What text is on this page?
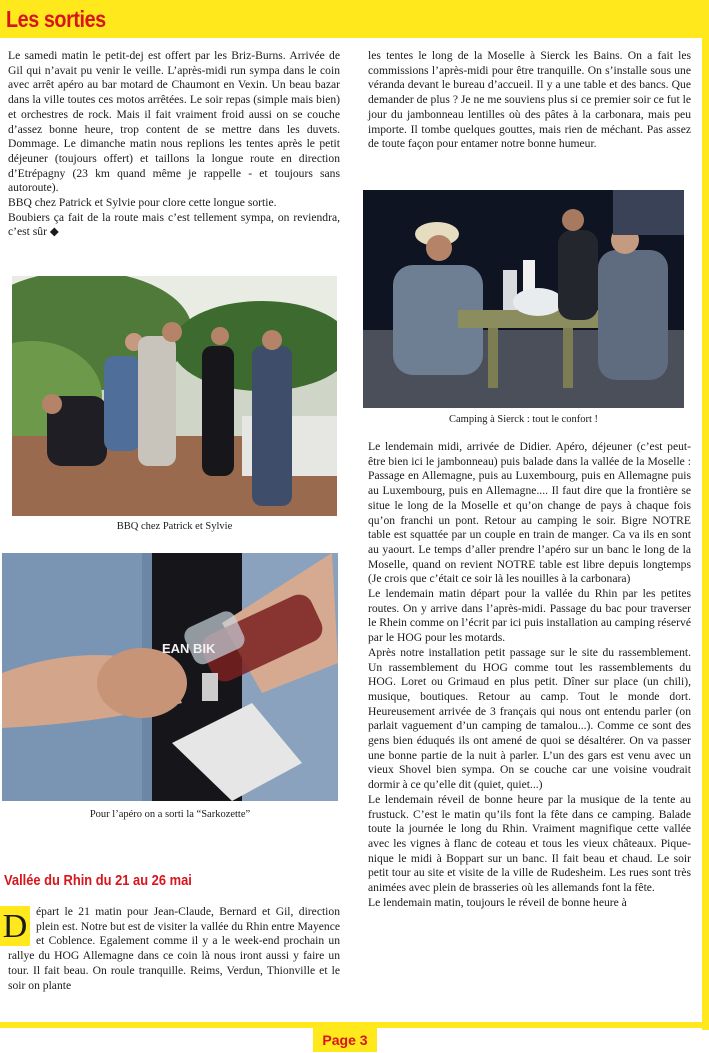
Les sorties

Le samedi matin le petit-dej est offert par les Briz-Burns. Arrivée de Gil qui n’avait pu venir le veille. L’après-midi run sympa dans le coin avec arrêt apéro au bar motard de Chaumont en Vexin. Un beau bazar dans la ville toutes ces motos arrêtées. Le soir repas (simple mais bien) et orchestres de rock. Mais il fait vraiment froid aussi on se couche d’assez bonne heure, trop content de se mettre dans les duvets. Dommage. Le dimanche matin nous replions les tentes après le petit déjeuner (toujours offert) et taillons la longue route en direction d’Etrépagny (23 km quand même je rappelle - et toujours sans autoroute).

BBQ chez Patrick et Sylvie pour clore cette longue sortie.

Boubiers ça fait de la route mais c’est tellement sympa, on reviendra, c’est sûr ◆

BBQ chez Patrick et Sylvie
EAN BIK
Pour l’apéro on a sorti la “Sarkozette”

les tentes le long de la Moselle à Sierck les Bains. On a fait les commissions l’après-midi pour être tranquille. On s’installe sous une véranda devant le bureau d’accueil. Il y a une table et des bancs. Que demander de plus ? Je ne me souviens plus si ce premier soir ce fut le jour du jambonneau lentilles où des pâtes à la carbonara, mais peu importe. Il tombe quelques gouttes, mais rien de méchant. Pas assez de toute façon pour entamer notre bonne humeur.

Camping à Sierck : tout le confort !

Le lendemain midi, arrivée de Didier. Apéro, déjeuner (c’est peut-être bien ici le jambonneau) puis balade dans la vallée de la Moselle : Passage en Allemagne, puis au Luxembourg, puis en Allemagne puis au Luxembourg, puis en Allemagne.... Il faut dire que la frontière se situe le long de la Moselle et qu’on change de pays à chaque fois qu’on franchi un pont. Retour au camping le soir. Bigre NOTRE table est squattée par un couple en train de manger. Ca va ils en sont au yaourt. Le temps d’aller prendre l’apéro sur un banc le long de la Moselle, quand on revient NOTRE table est libre depuis longtemps (Je crois que c’était ce soir là les nouilles à la carbonara)

Le lendemain matin départ pour la vallée du Rhin par les petites routes. On y arrive dans l’après-midi. Passage du bac pour traverser le Rhein comme on l’écrit par ici puis installation au camping réservé par le HOG pour les motards.

Après notre installation petit passage sur le site du rassemblement. Un rassemblement du HOG comme tout les rassemblements du HOG. Loret ou Grimaud en plus petit. Dîner sur place (un chili), musique, boutiques. Retour au camp. Tout le monde dort. Heureusement arrivée de 3 français qui nous ont entendu parler (on parlait vaguement d’un camping de tamalou...). Comme ce sont des gens bien éduqués ils ont amené de quoi se désaltérer. On va passer une bonne partie de la nuit à parler. L’un des gars est venu avec un vieux Shovel bien sympa. On se couche car une voisine voudrait dormir à ce qu’elle dit (quiet, quiet...)

Le lendemain réveil de bonne heure par la musique de la tente au frustuck. C’est le matin qu’ils font la fête dans ce camping. Balade toute la journée le long du Rhin. Vraiment magnifique cette vallée avec les vignes à flanc de coteau et tous les vieux châteaux. Pique-nique le midi à Boppart sur un banc. Il fait beau et chaud. Le soir petit tour au site et visite de la ville de Rudesheim. Les rues sont très animées avec plein de brasseries où les allemands font la fête.

Le lendemain matin, toujours le réveil de bonne heure à

Vallée du Rhin du 21 au 26 mai
D épart le 21 matin pour Jean-Claude, Bernard et Gil, direction plein est. Notre but est de visiter la vallée du Rhin entre Mayence et Coblence. Egalement comme il y a le week-end prochain un rallye du HOG Allemagne dans ce coin là nous iront aussi y faire un tour. Il fait beau. On roule tranquille. Reims, Verdun, Thionville et le soir on plante
Page 3
